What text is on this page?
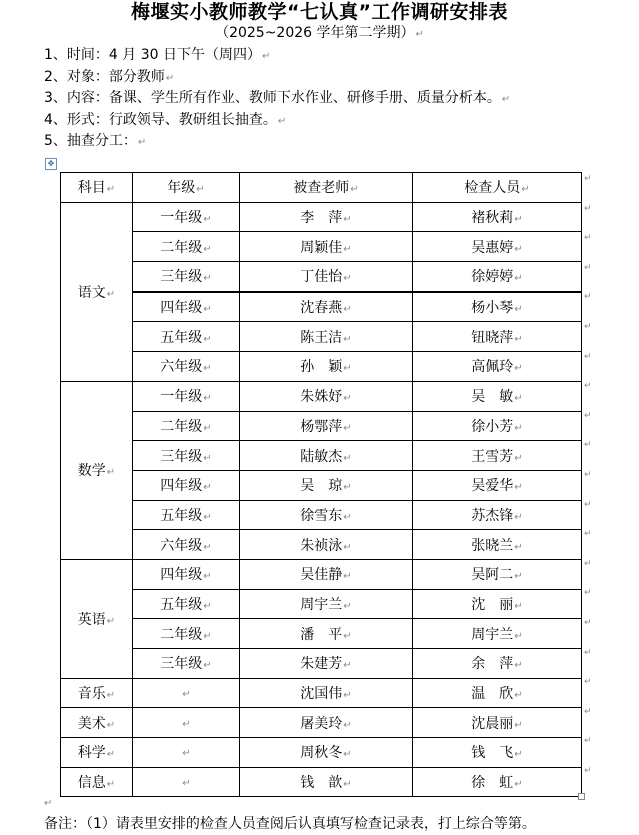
梅堰实小教师教学“七认真”工作调研安排表
（2025~2026 学年第二学期）↵
1、时间：4 月 30 日下午（周四）↵
2、对象：部分教师↵
3、内容：备课、学生所有作业、教师下水作业、研修手册、质量分析本。↵
4、形式：行政领导、教研组长抽查。↵
5、抽查分工：↵
✥
科目↵	年级↵	被查老师↵	检查人员↵
语文↵	一年级↵	李　萍↵	褚秋莉↵
	二年级↵	周颖佳↵	吴惠婷↵
	三年级↵	丁佳怡↵	徐婷婷↵
	四年级↵	沈春燕↵	杨小琴↵
	五年级↵	陈王洁↵	钮晓萍↵
	六年级↵	孙　颖↵	高佩玲↵
数学↵	一年级↵	朱姝妤↵	吴　敏↵
	二年级↵	杨鄂萍↵	徐小芳↵
	三年级↵	陆敏杰↵	王雪芳↵
	四年级↵	吴　琼↵	吴爱华↵
	五年级↵	徐雪东↵	苏杰锋↵
	六年级↵	朱祯泳↵	张晓兰↵
英语↵	四年级↵	吴佳静↵	吴阿二↵
	五年级↵	周宇兰↵	沈　丽↵
	二年级↵	潘　平↵	周宇兰↵
	三年级↵	朱建芳↵	余　萍↵
音乐↵	↵	沈国伟↵	温　欣↵
美术↵	↵	屠美玲↵	沈晨丽↵
科学↵	↵	周秋冬↵	钱　飞↵
信息↵	↵	钱　歆↵	徐　虹↵
↵
↵
↵
↵
↵
↵
↵
↵
↵
↵
↵
↵
↵
↵
↵
↵
↵
↵
↵
↵
↵
↵
备注：（1）请表里安排的检查人员查阅后认真填写检查记录表，打上综合等第。
